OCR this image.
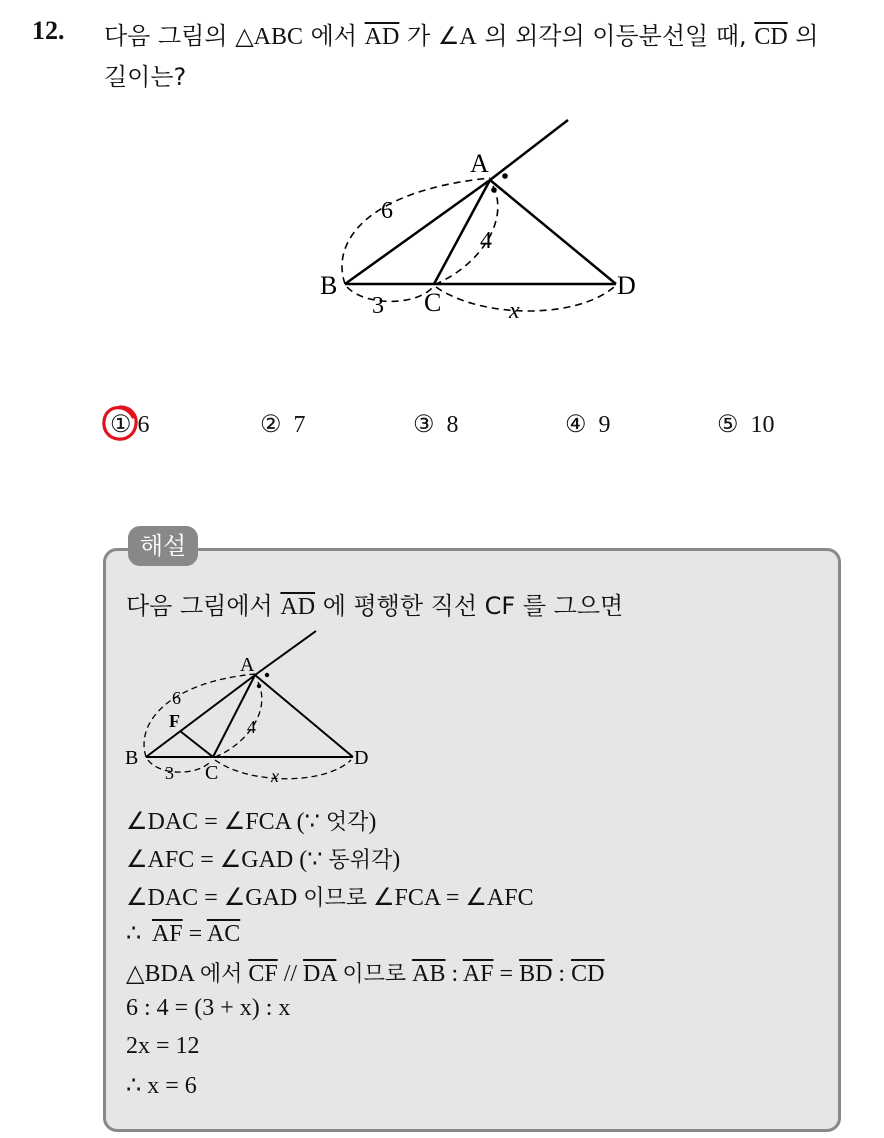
12. 다음 그림의 △ABC 에서 $\overline{AD}$ 가 ∠A 의 외각의 이등분선일 때, $\overline{CD}$ 의
길이는?
A
B
C
D
6
4
3	x
① 6	② 7	③ 8	④ 9	⑤ 10
해설
다음 그림에서 $\overline{AD}$ 에 평행한 직선 CF 를 그으면
A
B
C
D
F
6
4
3	x
∠DAC = ∠FCA (∵ 엇각)
∠AFC = ∠GAD (∵ 동위각)
∠DAC = ∠GAD 이므로 ∠FCA = ∠AFC
∴ $\overline{AF} = \overline{AC}$
△BDA 에서 $\overline{CF} // \overline{DA}$ 이므로 $\overline{AB}$ : $\overline{AF} = \overline{BD}$ : $\overline{CD}$
6 : 4 = (3 + x) : x
2x = 12
∴ x = 6
